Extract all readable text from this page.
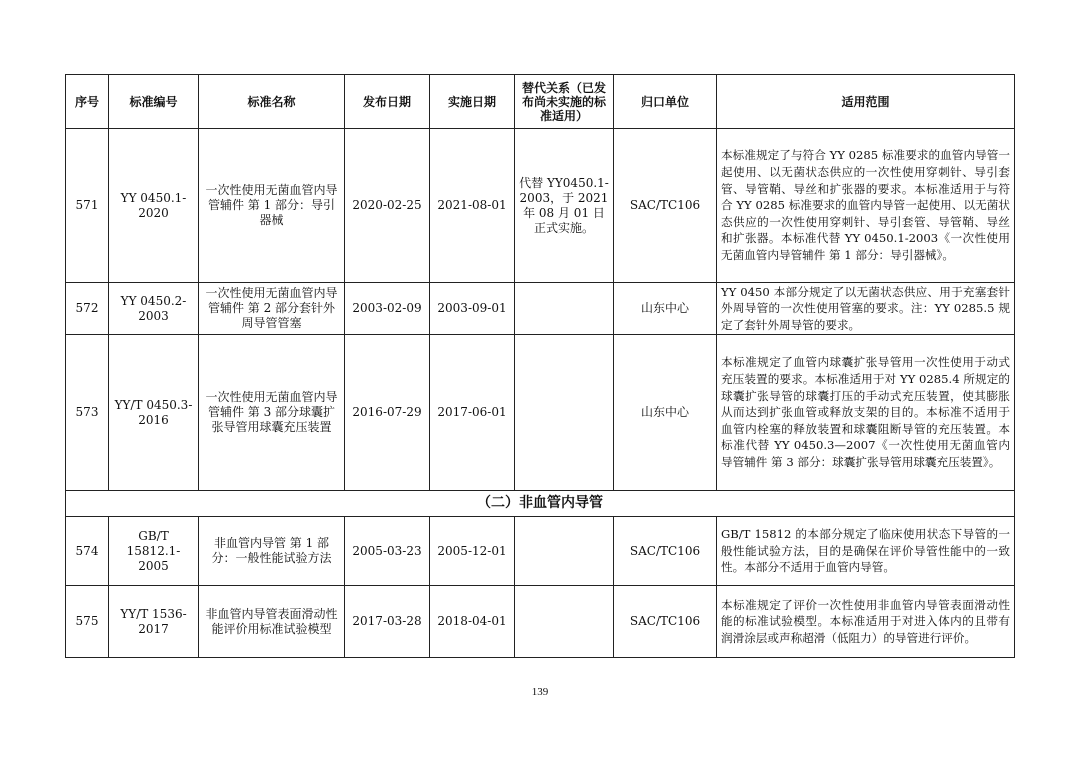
序号	标准编号	标准名称	发布日期	实施日期	替代关系（已发布尚未实施的标准适用）	归口单位	适用范围
571	YY 0450.1-2020	一次性使用无菌血管内导管辅件 第 1 部分：导引器械	2020-02-25	2021-08-01	代替 YY0450.1-2003，于 2021 年 08 月 01 日正式实施。	SAC/TC106	本标准规定了与符合 YY 0285 标准要求的血管内导管一起使用、以无菌状态供应的一次性使用穿刺针、导引套管、导管鞘、导丝和扩张器的要求。本标准适用于与符合 YY 0285 标准要求的血管内导管一起使用、以无菌状态供应的一次性使用穿刺针、导引套管、导管鞘、导丝和扩张器。本标准代替 YY 0450.1-2003《一次性使用无菌血管内导管辅件 第 1 部分：导引器械》。
572	YY 0450.2-2003	一次性使用无菌血管内导管辅件 第 2 部分套针外周导管管塞	2003-02-09	2003-09-01		山东中心	YY 0450 本部分规定了以无菌状态供应、用于充塞套针外周导管的一次性使用管塞的要求。注：YY 0285.5 规定了套针外周导管的要求。
573	YY/T 0450.3-2016	一次性使用无菌血管内导管辅件 第 3 部分球囊扩张导管用球囊充压装置	2016-07-29	2017-06-01		山东中心	本标准规定了血管内球囊扩张导管用一次性使用于动式充压装置的要求。本标准适用于对 YY 0285.4 所规定的球囊扩张导管的球囊打压的手动式充压装置，使其膨胀从而达到扩张血管或释放支架的目的。本标准不适用于血管内栓塞的释放装置和球囊阻断导管的充压装置。本标准代替 YY 0450.3—2007《一次性使用无菌血管内导管辅件 第 3 部分：球囊扩张导管用球囊充压装置》。
（二）非血管内导管							
574	GB/T 15812.1-2005	非血管内导管 第 1 部分：一般性能试验方法	2005-03-23	2005-12-01		SAC/TC106	GB/T 15812 的本部分规定了临床使用状态下导管的一般性能试验方法，目的是确保在评价导管性能中的一致性。本部分不适用于血管内导管。
575	YY/T 1536-2017	非血管内导管表面滑动性能评价用标准试验模型	2017-03-28	2018-04-01		SAC/TC106	本标准规定了评价一次性使用非血管内导管表面滑动性能的标准试验模型。本标准适用于对进入体内的且带有润滑涂层或声称超滑（低阻力）的导管进行评价。
139
